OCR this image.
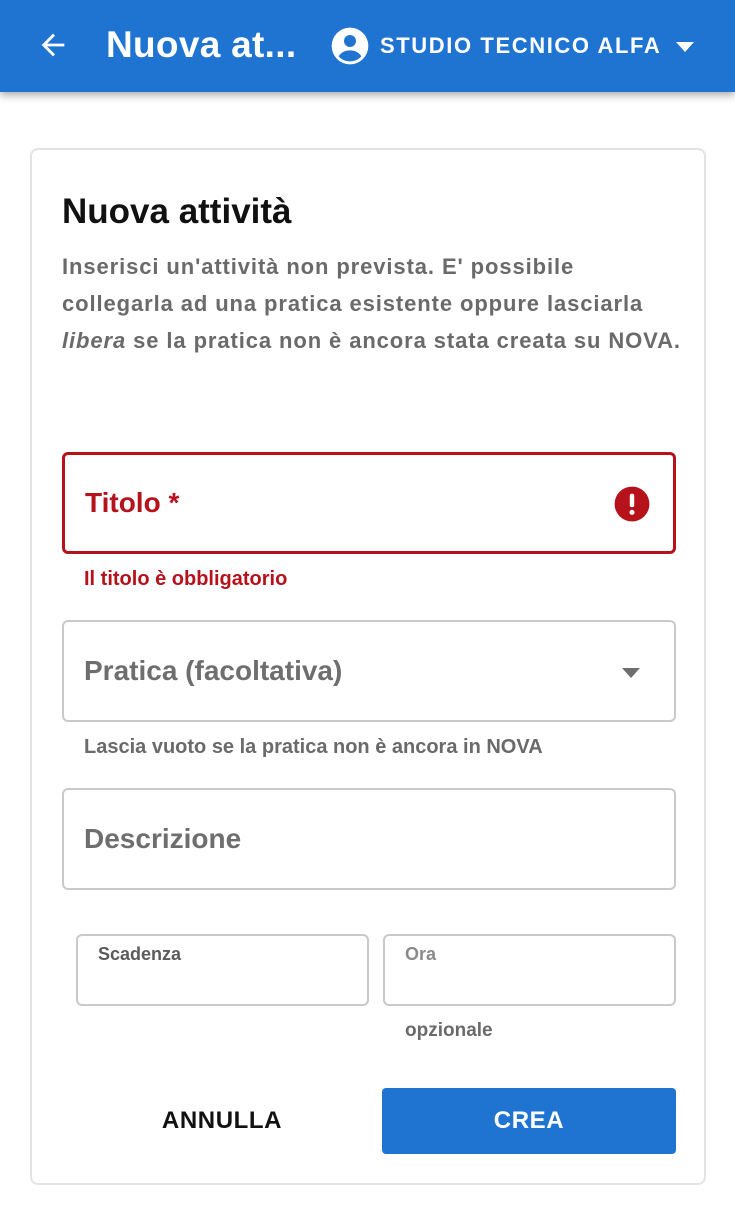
Nuova at...	STUDIO TECNICO ALFA
Nuova attività

Inserisci un'attività non prevista. E' possibile collegarla ad una pratica esistente oppure lasciarla libera se la pratica non è ancora stata creata su NOVA.

Titolo *
Il titolo è obbligatorio
Pratica (facoltativa)
Lascia vuoto se la pratica non è ancora in NOVA
Descrizione
Scadenza	Ora
opzionale
ANNULLA	CREA
